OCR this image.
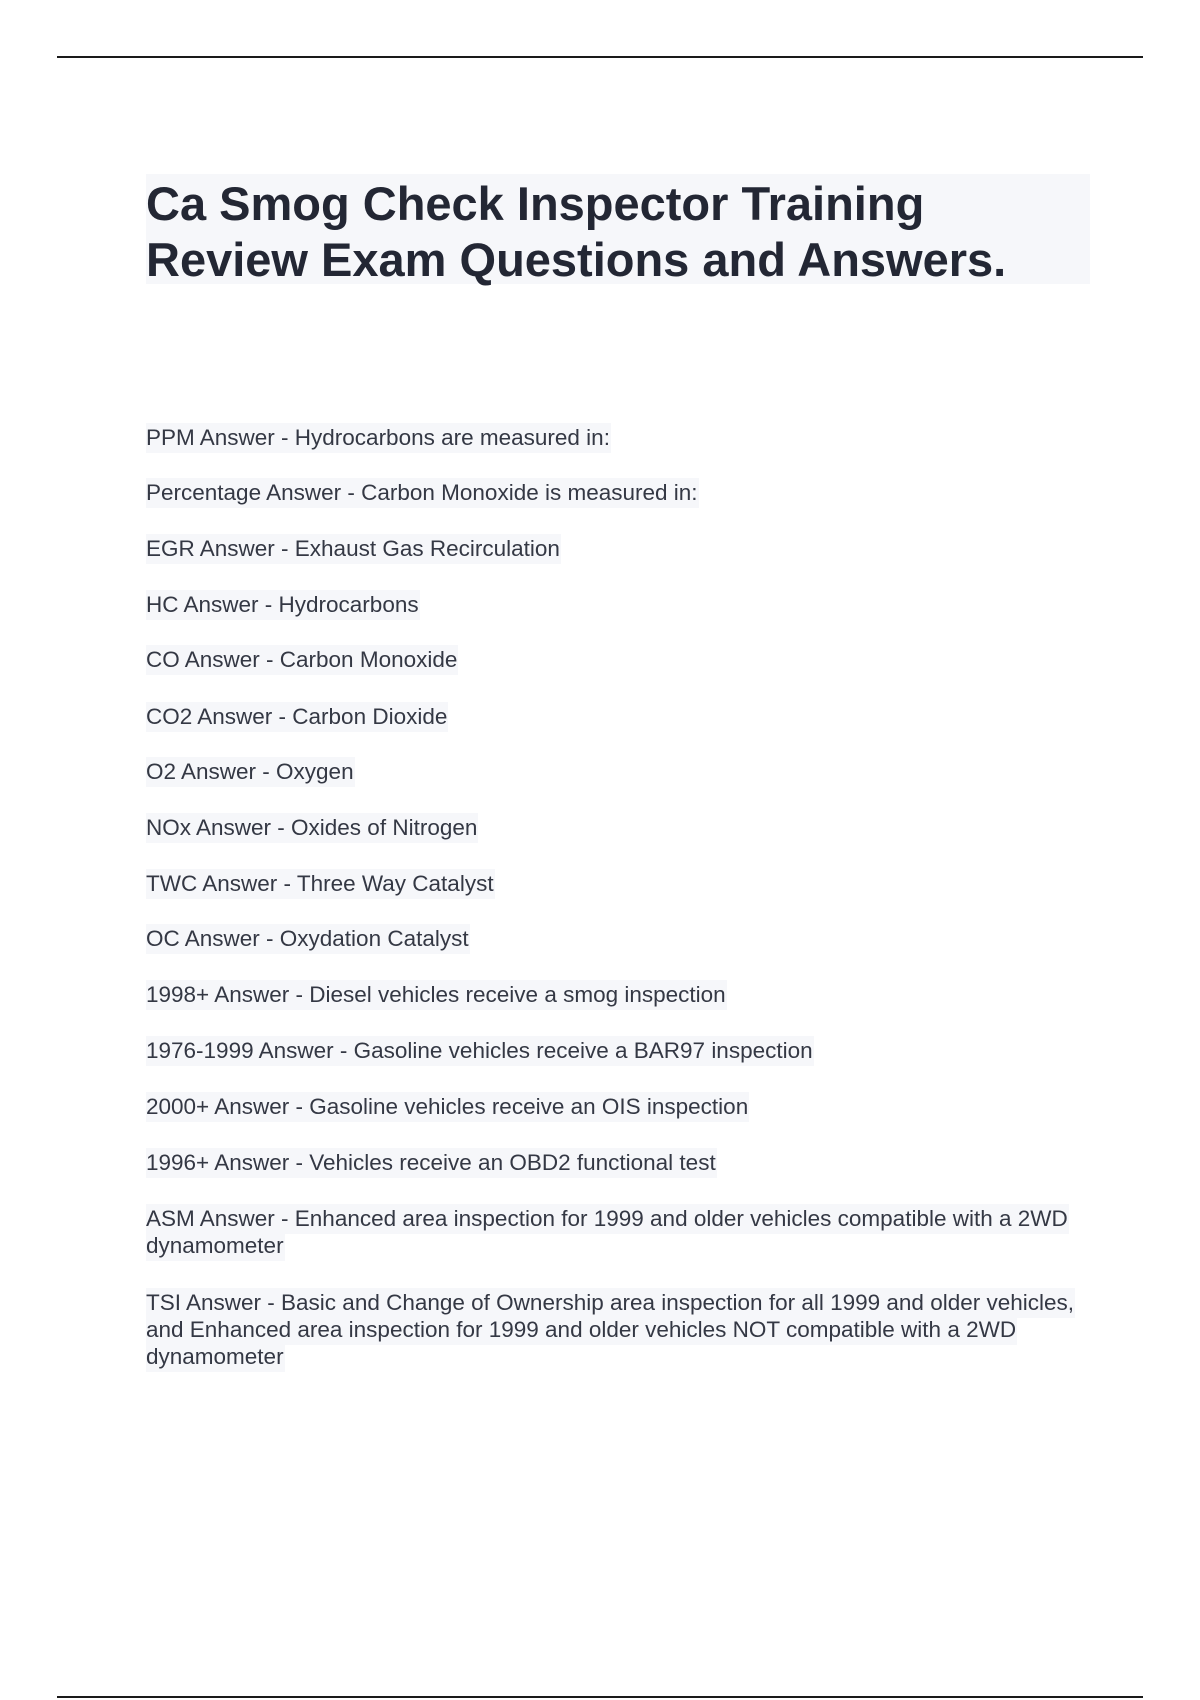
Ca Smog Check Inspector Training
Review Exam Questions and Answers.
PPM Answer - Hydrocarbons are measured in:
Percentage Answer - Carbon Monoxide is measured in:
EGR Answer - Exhaust Gas Recirculation
HC Answer - Hydrocarbons
CO Answer - Carbon Monoxide
CO2 Answer - Carbon Dioxide
O2 Answer - Oxygen
NOx Answer - Oxides of Nitrogen
TWC Answer - Three Way Catalyst
OC Answer - Oxydation Catalyst
1998+ Answer - Diesel vehicles receive a smog inspection
1976-1999 Answer - Gasoline vehicles receive a BAR97 inspection
2000+ Answer - Gasoline vehicles receive an OIS inspection
1996+ Answer - Vehicles receive an OBD2 functional test
ASM Answer - Enhanced area inspection for 1999 and older vehicles compatible with a 2WD dynamometer
TSI Answer - Basic and Change of Ownership area inspection for all 1999 and older vehicles, and Enhanced area inspection for 1999 and older vehicles NOT compatible with a 2WD dynamometer
